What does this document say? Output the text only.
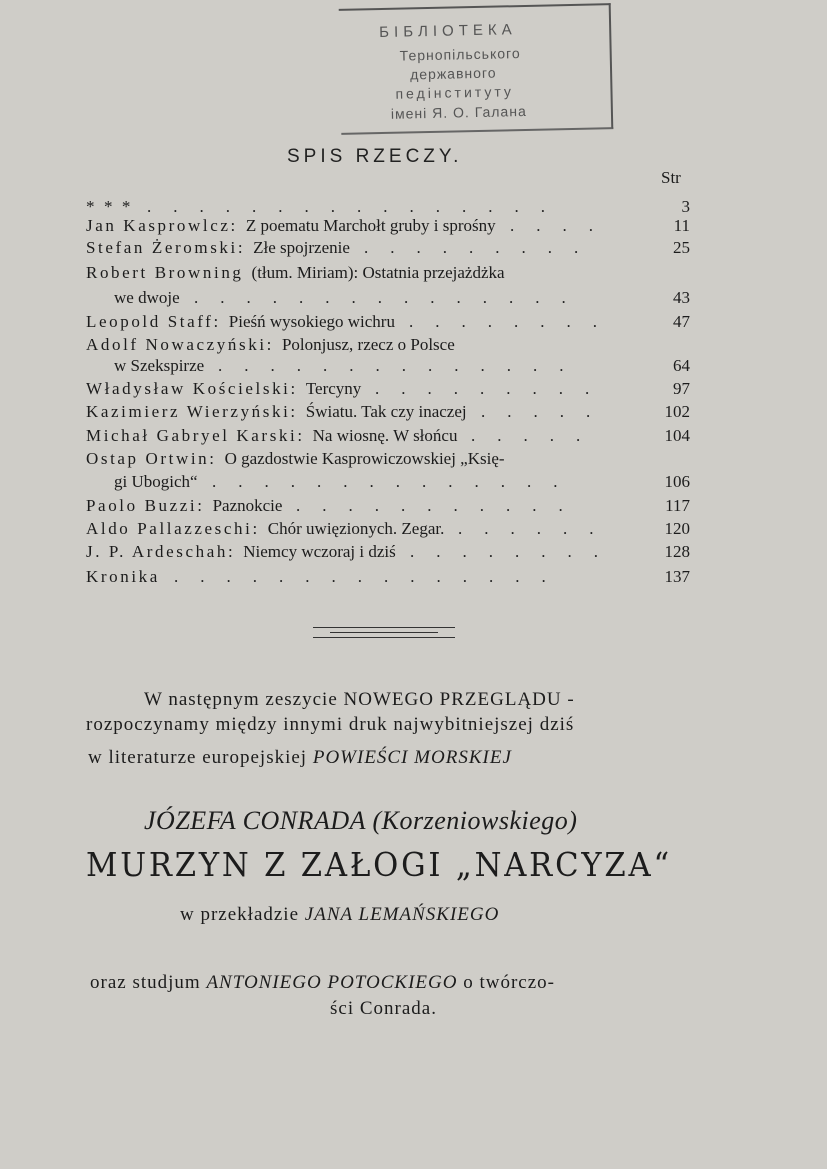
БІБЛІОТЕКА
Тернопільського
державного
педінституту
імені Я. О. Галана
SPIS RZECZY.
Str
* * * ................	3
Jan Kasprowlcz: Z poematu Marchołt gruby i sprośny ....	11
Stefan Żeromski: Złe spojrzenie .........	25
Robert Browning (tłum. Miriam): Ostatnia przejażdżka
we dwoje ...............	43
Leopold Staff: Pieśń wysokiego wichru ........	47
Adolf Nowaczyński: Polonjusz, rzecz o Polsce
w Szekspirze ..............	64
Władysław Kościelski: Tercyny .........	97
Kazimierz Wierzyński: Światu. Tak czy inaczej .....	102
Michał Gabryel Karski: Na wiosnę. W słońcu .....	104
Ostap Ortwin: O gazdostwie Kasprowiczowskiej „Księ-
gi Ubogich“ ..............	106
Paolo Buzzi: Paznokcie ...........	117
Aldo Pallazzeschi: Chór uwięzionych. Zegar. ......	120
J. P. Ardeschah: Niemcy wczoraj i dziś ........	128
Kronika ...............	137
W następnym zeszycie NOWEGO PRZEGLĄDU -
rozpoczynamy między innymi druk najwybitniejszej dziś
w literaturze europejskiej POWIEŚCI MORSKIEJ
JÓZEFA CONRADA (Korzeniowskiego)
MURZYN Z ZAŁOGI „NARCYZA“
w przekładzie JANA LEMAŃSKIEGO
oraz studjum ANTONIEGO POTOCKIEGO o twórczo-
ści Conrada.
